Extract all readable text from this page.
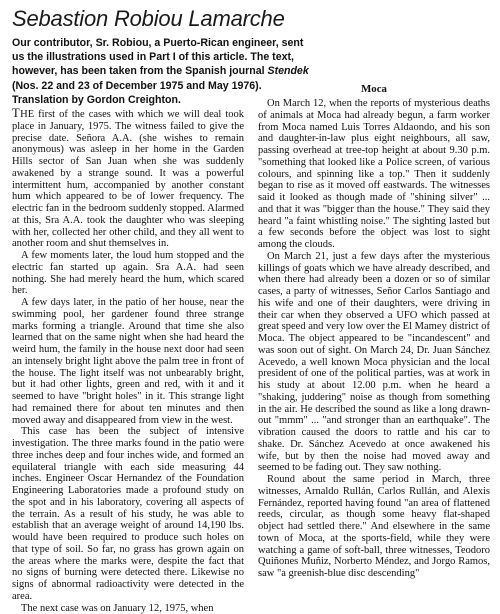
Sebastion Robiou Lamarche
Our contributor, Sr. Robiou, a Puerto-Rican engineer, sent us the illustrations used in Part I of this article. The text, however, has been taken from the Spanish journal Stendek (Nos. 22 and 23 of December 1975 and May 1976). Translation by Gordon Creighton.

THE first of the cases with which we will deal took place in January, 1975. The witness failed to give the precise date. Señora A.A. (she wishes to remain anonymous) was asleep in her home in the Garden Hills sector of San Juan when she was suddenly awakened by a strange sound. It was a powerful intermittent hum, accompanied by another constant hum which appeared to be of lower frequency. The electric fan in the bedroom suddenly stopped. Alarmed at this, Sra A.A. took the daughter who was sleeping with her, collected her other child, and they all went to another room and shut themselves in.

A few moments later, the loud hum stopped and the electric fan started up again. Sra A.A. had seen nothing. She had merely heard the hum, which scared her.

A few days later, in the patio of her house, near the swimming pool, her gardener found three strange marks forming a triangle. Around that time she also learned that on the same night when she had heard the weird hum, the family in the house next door had seen an intensely bright light above the palm tree in front of the house. The light itself was not unbearably bright, but it had other lights, green and red, with it and it seemed to have "bright holes" in it. This strange light had remained there for about ten minutes and then moved away and disappeared from view in the west.

This case has been the subject of intensive investigation. The three marks found in the patio were three inches deep and four inches wide, and formed an equilateral triangle with each side measuring 44 inches. Engineer Oscar Hernandez of the Foundation Engineering Laboratories made a profound study on the spot and in his laboratory, covering all aspects of the terrain. As a result of his study, he was able to establish that an average weight of around 14,190 lbs. would have been required to produce such holes on that type of soil. So far, no grass has grown again on the areas where the marks were, despite the fact that no signs of burning were detected there. Likewise no signs of abnormal radioactivity were detected in the area.

The next case was on January 12, 1975, when

Moca

On March 12, when the reports of mysterious deaths of animals at Moca had already begun, a farm worker from Moca named Luis Torres Aldaondo, and his son and daughter-in-law plus eight neighbours, all saw, passing overhead at tree-top height at about 9.30 p.m. "something that looked like a Police screen, of various colours, and spinning like a top." Then it suddenly began to rise as it moved off eastwards. The witnesses said it looked as though made of "shining silver" ... and that it was "bigger than the house." They said they heard "a faint whistling noise." The sighting lasted but a few seconds before the object was lost to sight among the clouds.

On March 21, just a few days after the mysterious killings of goats which we have already described, and when there had already been a dozen or so of similar cases, a party of witnesses, Señor Carlos Santiago and his wife and one of their daughters, were driving in their car when they observed a UFO which passed at great speed and very low over the El Mamey district of Moca. The object appeared to be "incandescent" and was soon out of sight. On March 24, Dr. Juan Sánchez Acevedo, a well known Moca physician and the local president of one of the political parties, was at work in his study at about 12.00 p.m. when he heard a "shaking, juddering" noise as though from something in the air. He described the sound as like a long drawn-out "mmm" ... "and stronger than an earthquake". The vibration caused the doors to rattle and his car to shake. Dr. Sánchez Acevedo at once awakened his wife, but by then the noise had moved away and seemed to be fading out. They saw nothing.

Round about the same period in March, three witnesses, Arnaldo Rullán, Carlos Rullán, and Alexis Fernández, reported having found "an area of flattened reeds, circular, as though some heavy flat-shaped object had settled there." And elsewhere in the same town of Moca, at the sports-field, while they were watching a game of soft-ball, three witnesses, Teodoro Quiñones Muñiz, Norberto Méndez, and Jorgo Ramos, saw "a greenish-blue disc descending"
